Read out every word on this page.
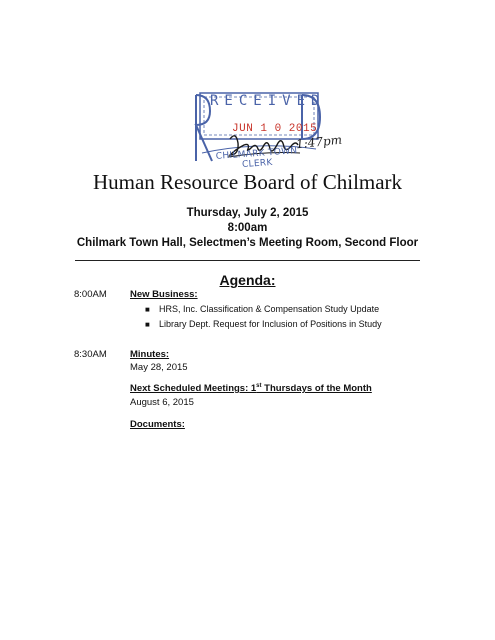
RECEIVED
JUN 1 0 2015
1:47pm
CHILMARK TOWN CLERK
Human Resource Board of Chilmark
Thursday, July 2, 2015
8:00am
Chilmark Town Hall, Selectmen’s Meeting Room, Second Floor
Agenda:
8:00AM New Business:
■ HRS, Inc. Classification & Compensation Study Update
■ Library Dept. Request for Inclusion of Positions in Study
8:30AM Minutes:
May 28, 2015
Next Scheduled Meetings: 1st Thursdays of the Month
August 6, 2015
Documents:
